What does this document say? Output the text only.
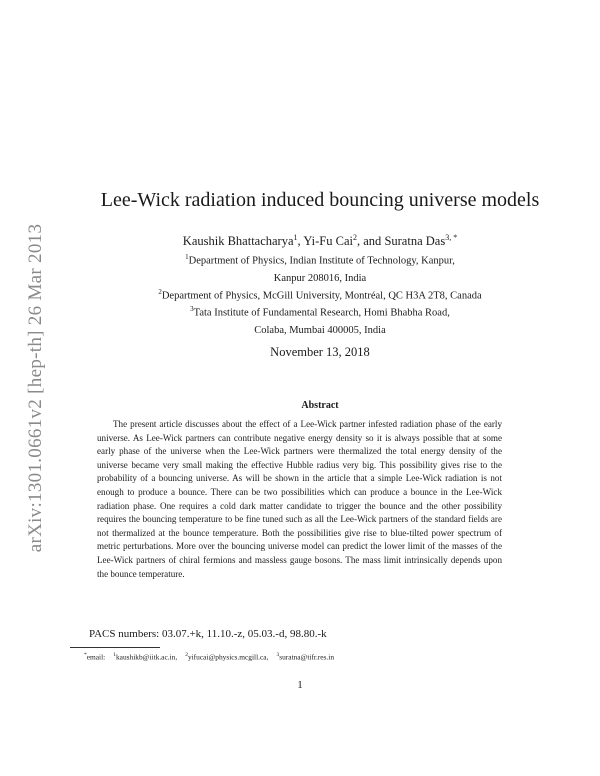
arXiv:1301.0661v2 [hep-th] 26 Mar 2013
Lee-Wick radiation induced bouncing universe models
Kaushik Bhattacharya$^1$, Yi-Fu Cai$^2$, and Suratna Das$^{3, *}$
$^1$Department of Physics, Indian Institute of Technology, Kanpur,
Kanpur 208016, India
$^2$Department of Physics, McGill University, Montréal, QC H3A 2T8, Canada
$^3$Tata Institute of Fundamental Research, Homi Bhabha Road,
Colaba, Mumbai 400005, India
November 13, 2018
Abstract

The present article discusses about the effect of a Lee-Wick partner infested radiation phase of the early universe. As Lee-Wick partners can contribute negative energy density so it is always possible that at some early phase of the universe when the Lee-Wick partners were thermalized the total energy density of the universe became very small making the effective Hubble radius very big. This possibility gives rise to the probability of a bouncing universe. As will be shown in the article that a simple Lee-Wick radiation is not enough to produce a bounce. There can be two possibilities which can produce a bounce in the Lee-Wick radiation phase. One requires a cold dark matter candidate to trigger the bounce and the other possibility requires the bouncing temperature to be fine tuned such as all the Lee-Wick partners of the standard fields are not thermalized at the bounce temperature. Both the possibilities give rise to blue-tilted power spectrum of metric perturbations. More over the bouncing universe model can predict the lower limit of the masses of the Lee-Wick partners of chiral fermions and massless gauge bosons. The mass limit intrinsically depends upon the bounce temperature.

PACS numbers: 03.07.+k, 11.10.-z, 05.03.-d, 98.80.-k
*email: $^1$kaushikb@iitk.ac.in, $^2$yifucai@physics.mcgill.ca, $^3$suratna@tifr.res.in
1
